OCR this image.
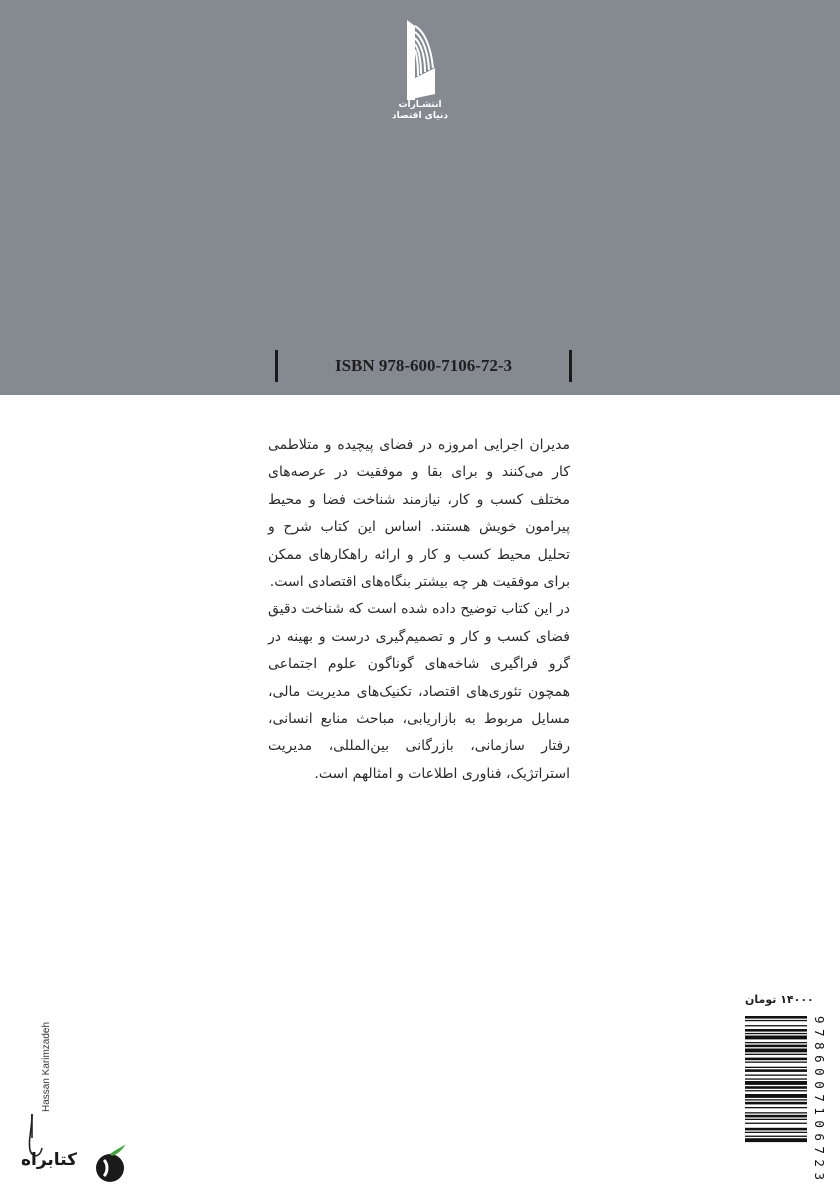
انتشـارات
دنیای اقتصاد
ISBN 978-600-7106-72-3

مدیران اجرایی امروزه در فضای پیچیده و متلاطمی کار می‌کنند و برای بقا و موفقیت در عرصه‌های مختلف کسب و کار، نیازمند شناخت فضا و محیط پیرامون خویش هستند. اساس این کتاب شرح و تحلیل محیط کسب و کار و ارائه راهکارهای ممکن برای موفقیت هر چه بیشتر بنگاه‌های اقتصادی است.

در این کتاب توضیح داده شده است که شناخت دقیق فضای کسب و کار و تصمیم‌گیری درست و بهینه در گرو فراگیری شاخه‌های گوناگون علوم اجتماعی همچون تئوری‌های اقتصاد، تکنیک‌های مدیریت مالی، مسایل مربوط به بازاریابی، مباحث منابع انسانی، رفتار سازمانی، بازرگانی بین‌المللی، مدیریت استراتژیک، فناوری اطلاعات و امثالهم است.

۱۴۰۰۰ تومان
9786007106723
Hassan Karimzadeh
کتابراه
